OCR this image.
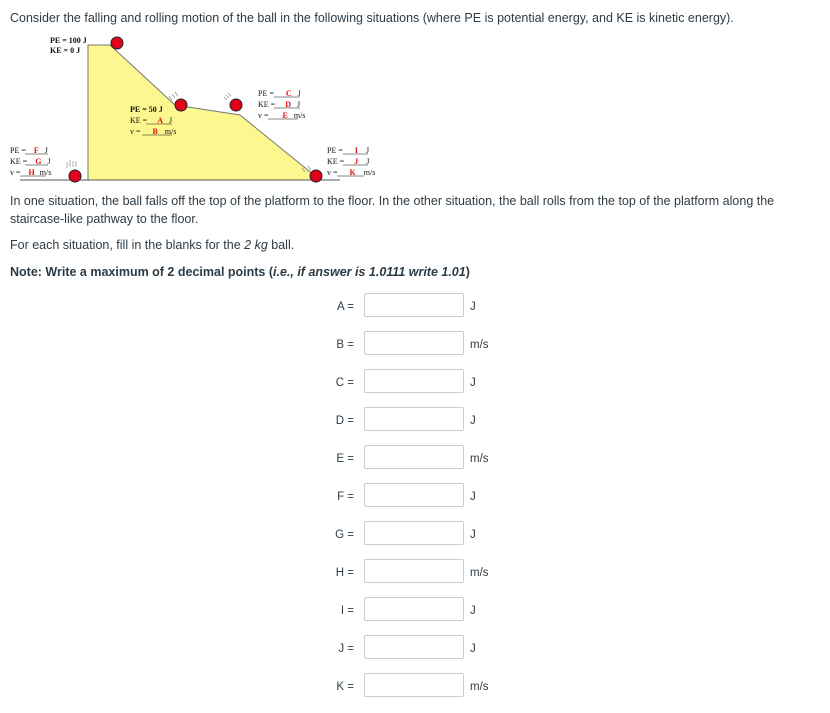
Consider the falling and rolling motion of the ball in the following situations (where PE is potential energy, and KE is kinetic energy).

PE = 100 J
KE = 0 J
PE = 50 J
KE = A J
v = B m/s
PE = C J
KE = D J
v = E m/s
PE = F J
KE = G J
v = H m/s
PE = I J
KE = J J
v = K m/s

In one situation, the ball falls off the top of the platform to the floor. In the other situation, the ball rolls from the top of the platform along the staircase-like pathway to the floor.

For each situation, fill in the blanks for the 2 kg ball.

Note: Write a maximum of 2 decimal points (i.e., if answer is 1.0111 write 1.01)

A =	J
B =	m/s
C =	J
D =	J
E =	m/s
F =	J
G =	J
H =	m/s
I =	J
J =	J
K =	m/s
